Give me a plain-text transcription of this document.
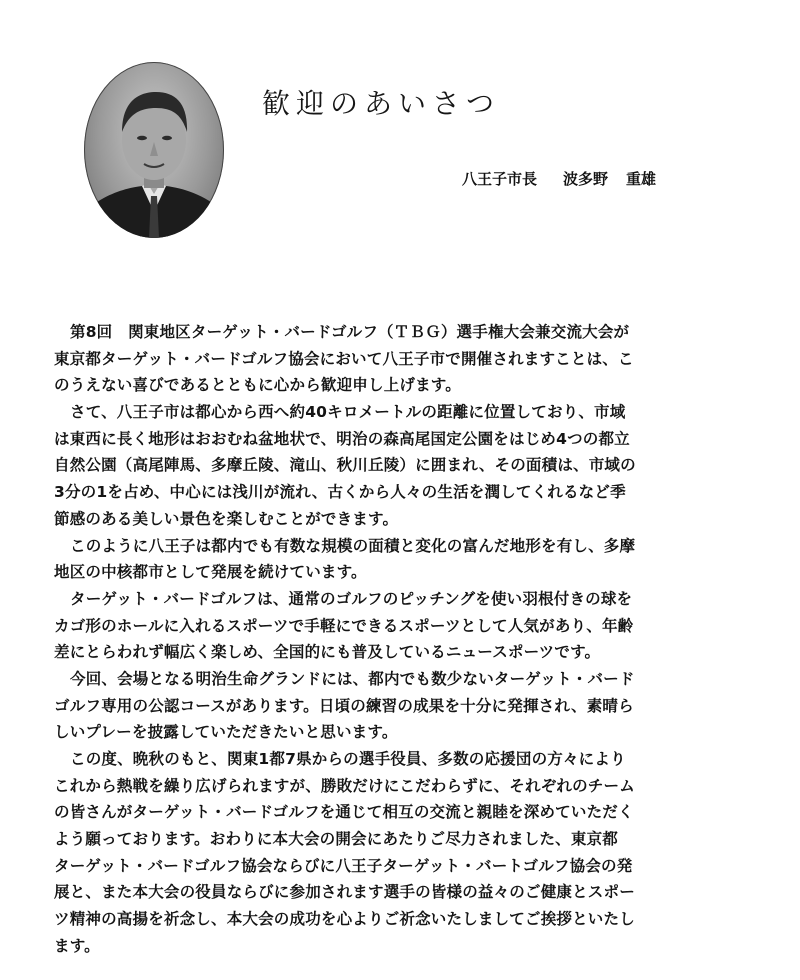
歓迎のあいさつ
八王子市長 波多野 重雄
第8回　関東地区ターゲット・バードゴルフ（ＴＢＧ）選手権大会兼交流大会が
東京都ターゲット・バードゴルフ協会において八王子市で開催されますことは、こ
のうえない喜びであるとともに心から歓迎申し上げます。
さて、八王子市は都心から西へ約40キロメートルの距離に位置しており、市域
は東西に長く地形はおおむね盆地状で、明治の森高尾国定公園をはじめ4つの都立
自然公園（高尾陣馬、多摩丘陵、滝山、秋川丘陵）に囲まれ、その面積は、市域の
3分の1を占め、中心には浅川が流れ、古くから人々の生活を潤してくれるなど季
節感のある美しい景色を楽しむことができます。
このように八王子は都内でも有数な規模の面積と変化の富んだ地形を有し、多摩
地区の中核都市として発展を続けています。
ターゲット・バードゴルフは、通常のゴルフのピッチングを使い羽根付きの球を
カゴ形のホールに入れるスポーツで手軽にできるスポーツとして人気があり、年齢
差にとらわれず幅広く楽しめ、全国的にも普及しているニュースポーツです。
今回、会場となる明治生命グランドには、都内でも数少ないターゲット・バード
ゴルフ専用の公認コースがあります。日頃の練習の成果を十分に発揮され、素晴ら
しいプレーを披露していただきたいと思います。
この度、晩秋のもと、関東1都7県からの選手役員、多数の応援団の方々により
これから熱戦を繰り広げられますが、勝敗だけにこだわらずに、それぞれのチーム
の皆さんがターゲット・バードゴルフを通じて相互の交流と親睦を深めていただく
よう願っております。おわりに本大会の開会にあたりご尽力されました、東京都
ターゲット・バードゴルフ協会ならびに八王子ターゲット・バートゴルフ協会の発
展と、また本大会の役員ならびに参加されます選手の皆様の益々のご健康とスポー
ツ精神の高揚を祈念し、本大会の成功を心よりご祈念いたしましてご挨拶といたし
ます。
